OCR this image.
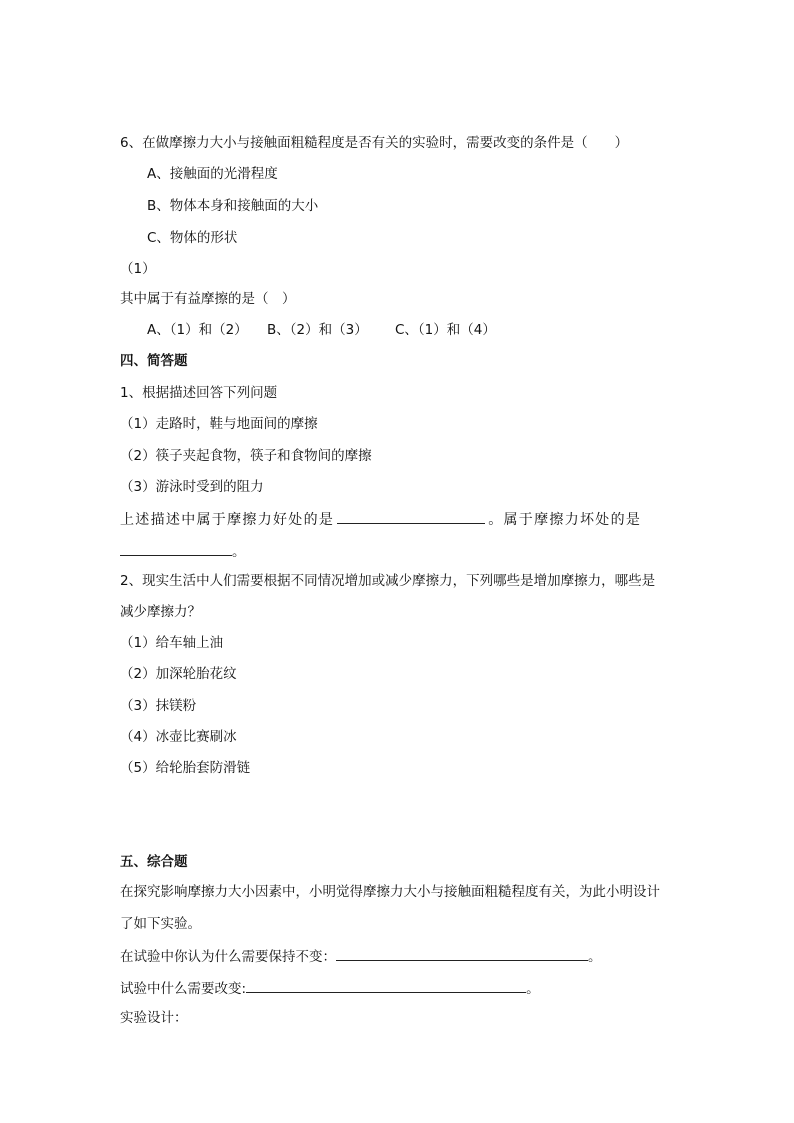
6、在做摩擦力大小与接触面粗糙程度是否有关的实验时，需要改变的条件是（　　）
A、接触面的光滑程度
B、物体本身和接触面的大小
C、物体的形状
（1）
其中属于有益摩擦的是（　）
A、（1）和（2） B、（2）和（3） C、（1）和（4）
四、简答题
1、根据描述回答下列问题
（1）走路时，鞋与地面间的摩擦
（2）筷子夹起食物，筷子和食物间的摩擦
（3）游泳时受到的阻力
上述描述中属于摩擦力好处的是	。属于摩擦力坏处的是
。
2、现实生活中人们需要根据不同情况增加或减少摩擦力，下列哪些是增加摩擦力，哪些是
减少摩擦力？
（1）给车轴上油
（2）加深轮胎花纹
（3）抹镁粉
（4）冰壶比赛刷冰
（5）给轮胎套防滑链
五、综合题
在探究影响摩擦力大小因素中，小明觉得摩擦力大小与接触面粗糙程度有关，为此小明设计
了如下实验。
在试验中你认为什么需要保持不变：	。
试验中什么需要改变:	。
实验设计：
